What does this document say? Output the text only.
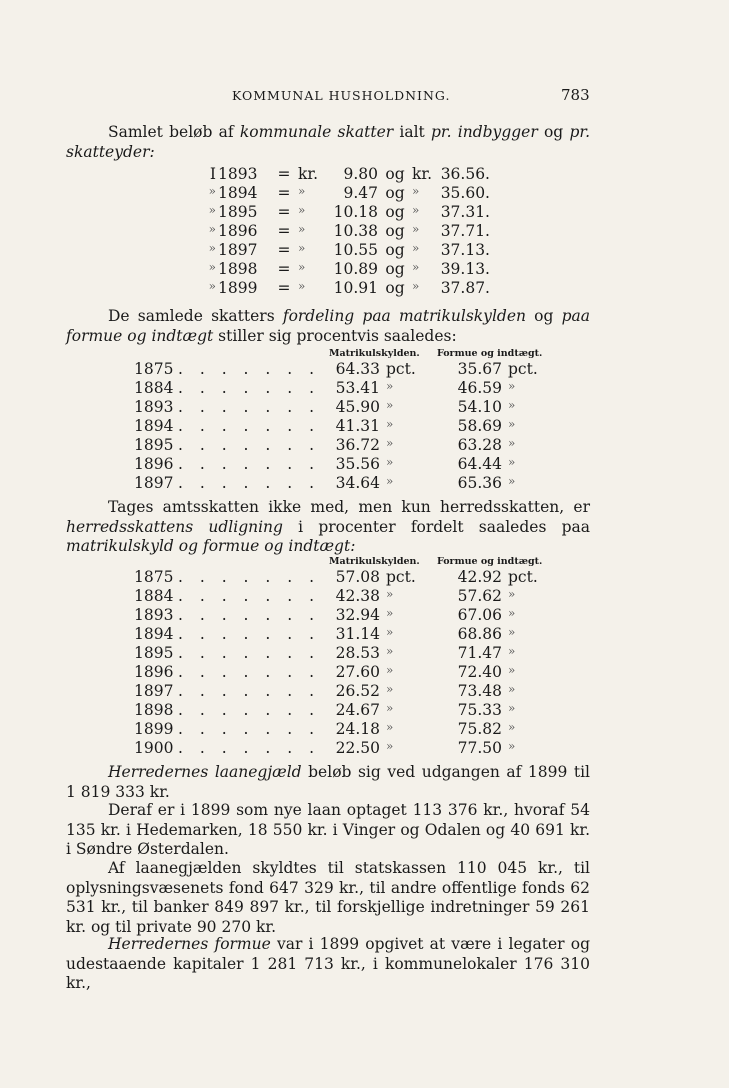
KOMMUNAL HUSHOLDNING.	783
Samlet beløb af kommunale skatter ialt pr. indbygger og pr. skatteyder:
I 1893	= kr.	9.80 og kr. 36.56.
» 1894	= »	9.47 og »	35.60.
» 1895	= »	10.18 og »	37.31.
» 1896	= »	10.38 og »	37.71.
» 1897	= »	10.55 og »	37.13.
» 1898	= »	10.89 og »	39.13.
» 1899	= »	10.91 og »	37.87.
De samlede skatters fordeling paa matrikulskylden og paa formue og indtægt stiller sig procentvis saaledes:
Matrikulskylden. Formue og indtægt.
1875 . . . . . . .	64.33 pct.	35.67 pct.
1884 . . . . . . .	53.41 »	46.59 »
1893 . . . . . . .	45.90 »	54.10 »
1894 . . . . . . .	41.31 »	58.69 »
1895 . . . . . . .	36.72 »	63.28 »
1896 . . . . . . .	35.56 »	64.44 »
1897 . . . . . . .	34.64 »	65.36 »
Tages amtsskatten ikke med, men kun herredsskatten, er herredsskattens udligning i procenter fordelt saaledes paa matrikulskyld og formue og indtægt:
Matrikulskylden. Formue og indtægt.
1875 . . . . . . .	57.08 pct.	42.92 pct.
1884 . . . . . . .	42.38 »	57.62 »
1893 . . . . . . .	32.94 »	67.06 »
1894 . . . . . . .	31.14 »	68.86 »
1895 . . . . . . .	28.53 »	71.47 »
1896 . . . . . . .	27.60 »	72.40 »
1897 . . . . . . .	26.52 »	73.48 »
1898 . . . . . . .	24.67 »	75.33 »
1899 . . . . . . .	24.18 »	75.82 »
1900 . . . . . . .	22.50 »	77.50 »
Herredernes laanegjæld beløb sig ved udgangen af 1899 til 1 819 333 kr.
Deraf er i 1899 som nye laan optaget 113 376 kr., hvoraf 54 135 kr. i Hedemarken, 18 550 kr. i Vinger og Odalen og 40 691 kr. i Søndre Østerdalen.
Af laanegjælden skyldtes til statskassen 110 045 kr., til oplysningsvæsenets fond 647 329 kr., til andre offentlige fonds 62 531 kr., til banker 849 897 kr., til forskjellige indretninger 59 261 kr. og til private 90 270 kr.
Herredernes formue var i 1899 opgivet at være i legater og udestaaende kapitaler 1 281 713 kr., i kommunelokaler 176 310 kr.,
